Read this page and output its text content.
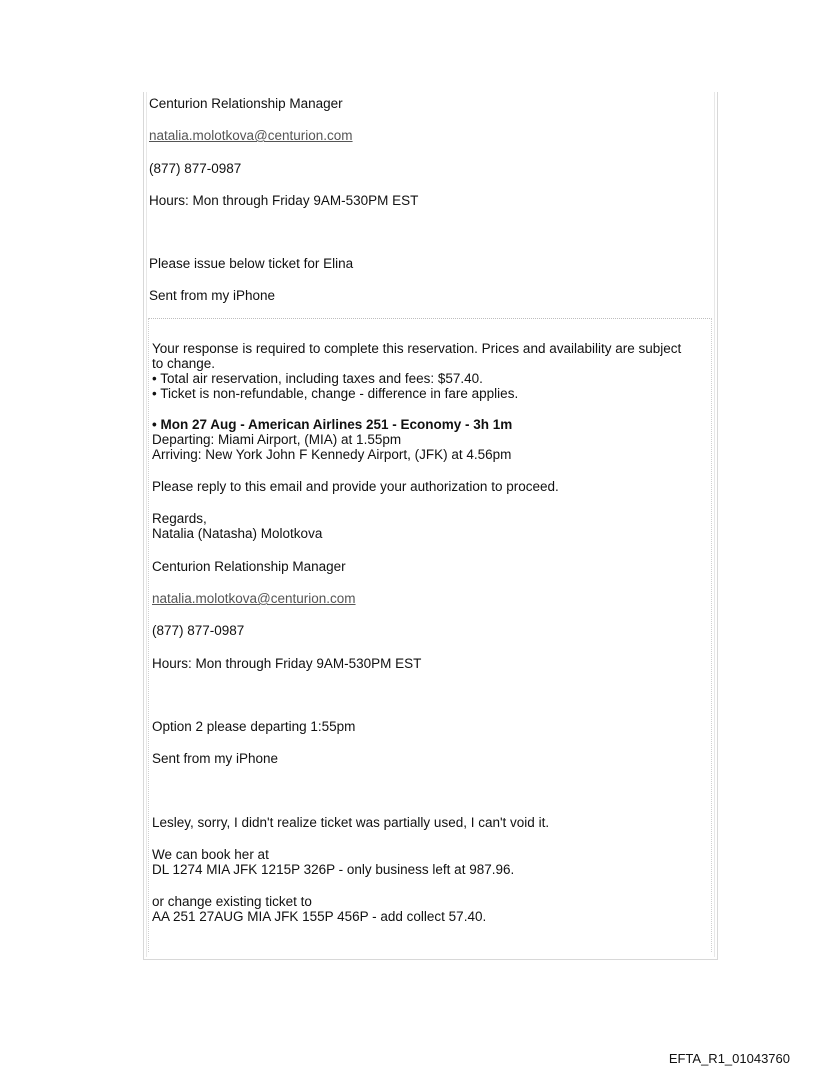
Centurion Relationship Manager

natalia.molotkova@centurion.com

(877) 877-0987

Hours: Mon through Friday 9AM-530PM EST

Please issue below ticket for Elina

Sent from my iPhone

Your response is required to complete this reservation. Prices and availability are subject

to change.

• Total air reservation, including taxes and fees: $57.40.

• Ticket is non-refundable, change - difference in fare applies.

• Mon 27 Aug - American Airlines 251 - Economy - 3h 1m

Departing: Miami Airport, (MIA) at 1.55pm

Arriving: New York John F Kennedy Airport, (JFK) at 4.56pm

Please reply to this email and provide your authorization to proceed.

Regards,

Natalia (Natasha) Molotkova

Centurion Relationship Manager

natalia.molotkova@centurion.com

(877) 877-0987

Hours: Mon through Friday 9AM-530PM EST

Option 2 please departing 1:55pm

Sent from my iPhone

Lesley, sorry, I didn't realize ticket was partially used, I can't void it.

We can book her at

DL 1274 MIA JFK 1215P 326P - only business left at 987.96.

or change existing ticket to

AA 251 27AUG MIA JFK 155P 456P - add collect 57.40.

EFTA_R1_01043760
